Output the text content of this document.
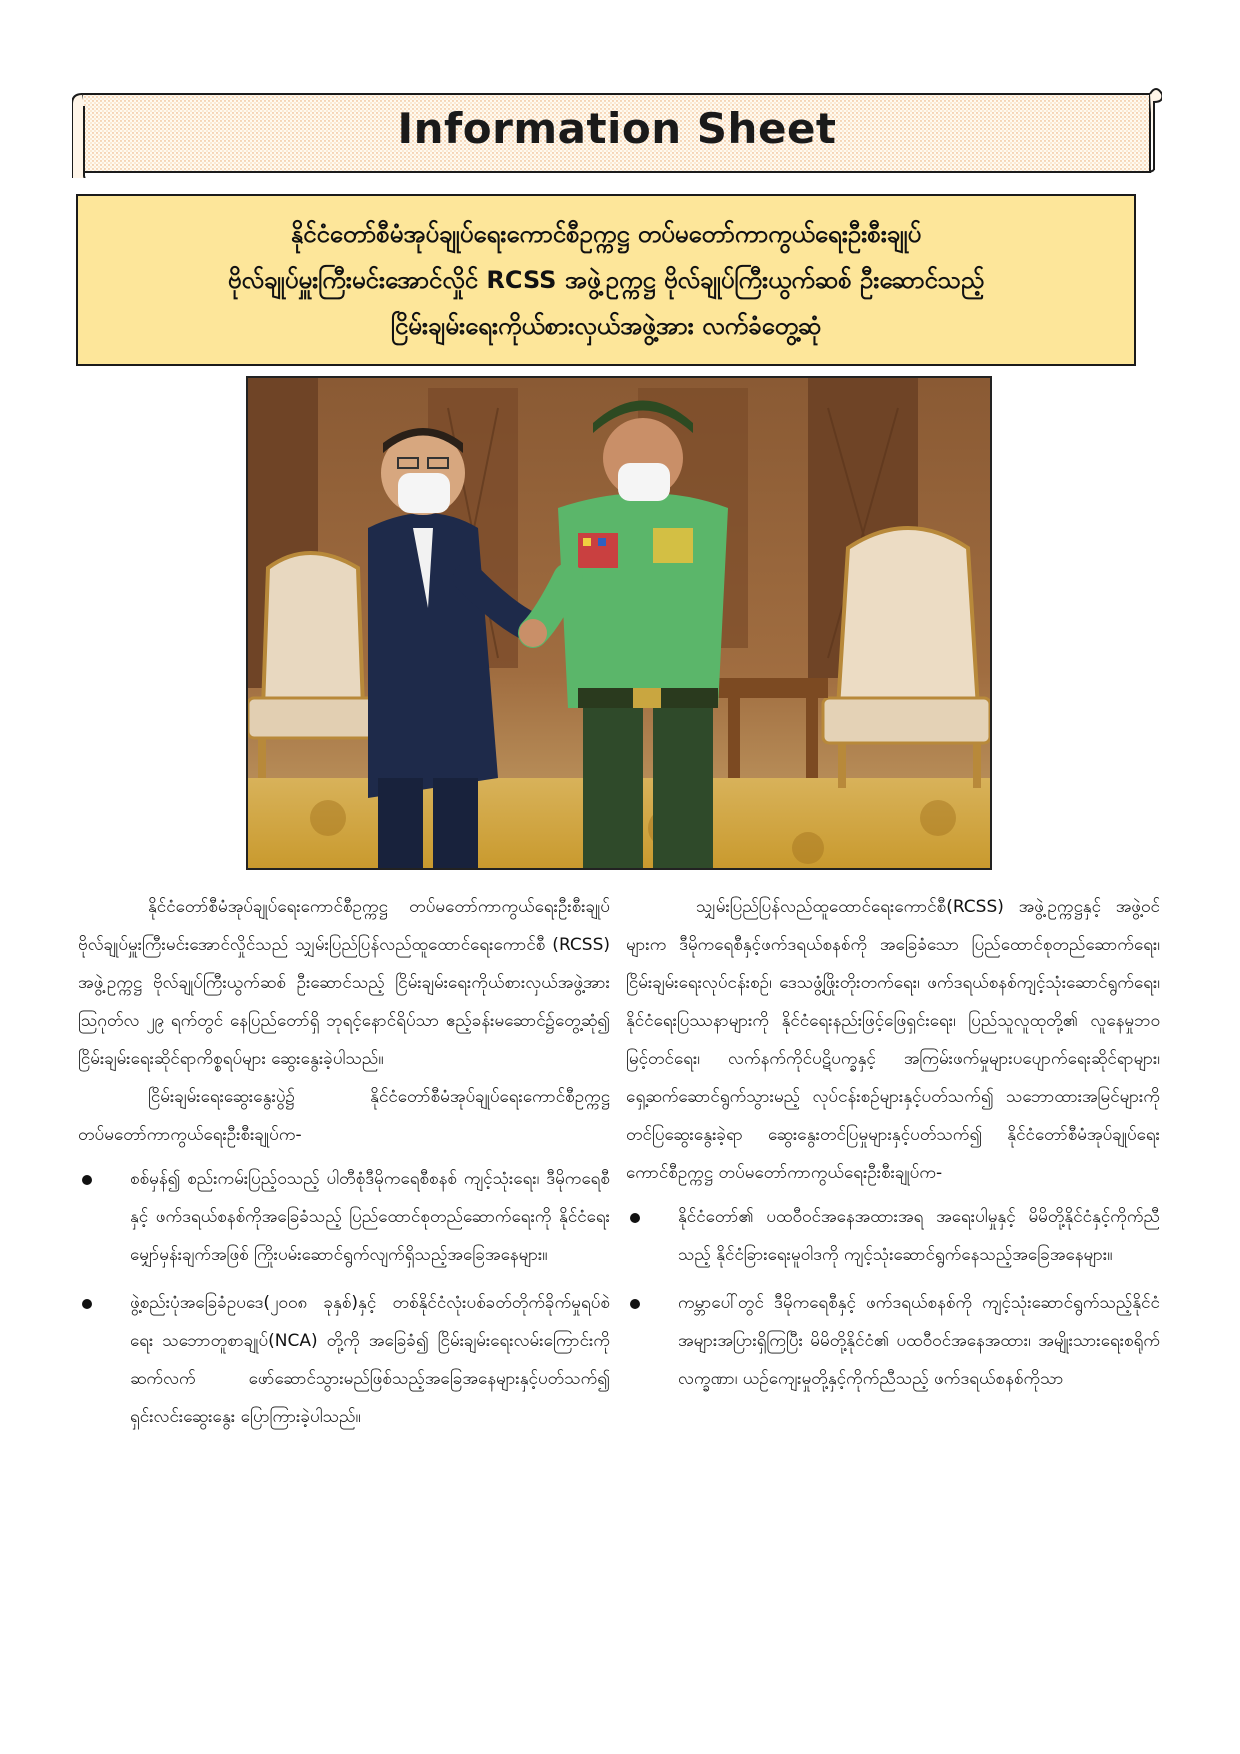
Information Sheet
နိုင်ငံတော်စီမံအုပ်ချုပ်ရေးကောင်စီဥက္ကဋ္ဌ တပ်မတော်ကာကွယ်ရေးဦးစီးချုပ်
ဗိုလ်ချုပ်မှူးကြီးမင်းအောင်လှိုင် RCSS အဖွဲ့ဥက္ကဋ္ဌ ဗိုလ်ချုပ်ကြီးယွက်ဆစ် ဦးဆောင်သည့်
ငြိမ်းချမ်းရေးကိုယ်စားလှယ်အဖွဲ့အား လက်ခံတွေ့ဆုံ

နိုင်ငံတော်စီမံအုပ်ချုပ်ရေးကောင်စီဥက္ကဋ္ဌ တပ်မတော်ကာကွယ်ရေးဦးစီးချုပ် ဗိုလ်ချုပ်မှူးကြီးမင်းအောင်လှိုင်သည် သျှမ်းပြည်ပြန်လည်ထူထောင်ရေးကောင်စီ (RCSS) အဖွဲ့ဥက္ကဋ္ဌ ဗိုလ်ချုပ်ကြီးယွက်ဆစ် ဦးဆောင်သည့် ငြိမ်းချမ်းရေးကိုယ်စားလှယ်အဖွဲ့အား ဩဂုတ်လ ၂၉ ရက်တွင် နေပြည်တော်ရှိ ဘုရင့်နောင်ရိပ်သာ ဧည့်ခန်းမဆောင်၌တွေ့ဆုံ၍ ငြိမ်းချမ်းရေးဆိုင်ရာကိစ္စရပ်များ ဆွေးနွေးခဲ့ပါသည်။

ငြိမ်းချမ်းရေးဆွေးနွေးပွဲ၌ နိုင်ငံတော်စီမံအုပ်ချုပ်ရေးကောင်စီဥက္ကဋ္ဌ တပ်မတော်ကာကွယ်ရေးဦးစီးချုပ်က-

စစ်မှန်၍ စည်းကမ်းပြည့်ဝသည့် ပါတီစုံဒီမိုကရေစီစနစ် ကျင့်သုံးရေး၊ ဒီမိုကရေစီနှင့် ဖက်ဒရယ်စနစ်ကိုအခြေခံသည့် ပြည်ထောင်စုတည်ဆောက်ရေးကို နိုင်ငံရေးမျှော်မှန်းချက်အဖြစ် ကြိုးပမ်းဆောင်ရွက်လျက်ရှိသည့်အခြေအနေများ။
ဖွဲ့စည်းပုံအခြေခံဥပဒေ(၂၀၀၈ ခုနှစ်)နှင့် တစ်နိုင်ငံလုံးပစ်ခတ်တိုက်ခိုက်မှုရပ်စဲရေး သဘောတူစာချုပ်(NCA) တို့ကို အခြေခံ၍ ငြိမ်းချမ်းရေးလမ်းကြောင်းကို ဆက်လက် ဖော်ဆောင်သွားမည်ဖြစ်သည့်အခြေအနေများနှင့်ပတ်သက်၍ ရှင်းလင်းဆွေးနွေး ပြောကြားခဲ့ပါသည်။

သျှမ်းပြည်ပြန်လည်ထူထောင်ရေးကောင်စီ(RCSS) အဖွဲ့ဥက္ကဋ္ဌနှင့် အဖွဲ့ဝင်များက ဒီမိုကရေစီနှင့်ဖက်ဒရယ်စနစ်ကို အခြေခံသော ပြည်ထောင်စုတည်ဆောက်ရေး၊ ငြိမ်းချမ်းရေးလုပ်ငန်းစဉ်၊ ဒေသဖွံ့ဖြိုးတိုးတက်ရေး၊ ဖက်ဒရယ်စနစ်ကျင့်သုံးဆောင်ရွက်ရေး၊ နိုင်ငံရေးပြဿနာများကို နိုင်ငံရေးနည်းဖြင့်ဖြေရှင်းရေး၊ ပြည်သူလူထုတို့၏ လူနေမှုဘဝမြင့်တင်ရေး၊ လက်နက်ကိုင်ပဋိပက္ခနှင့် အကြမ်းဖက်မှုများပပျောက်ရေးဆိုင်ရာများ၊ ရှေ့ဆက်ဆောင်ရွက်သွားမည့် လုပ်ငန်းစဉ်များနှင့်ပတ်သက်၍ သဘောထားအမြင်များကို တင်ပြဆွေးနွေးခဲ့ရာ ဆွေးနွေးတင်ပြမှုများနှင့်ပတ်သက်၍ နိုင်ငံတော်စီမံအုပ်ချုပ်ရေးကောင်စီဥက္ကဋ္ဌ တပ်မတော်ကာကွယ်ရေးဦးစီးချုပ်က-

နိုင်ငံတော်၏ ပထဝီဝင်အနေအထားအရ အရေးပါမှုနှင့် မိမိတို့နိုင်ငံနှင့်ကိုက်ညီသည့် နိုင်ငံခြားရေးမူဝါဒကို ကျင့်သုံးဆောင်ရွက်နေသည့်အခြေအနေများ။
ကမ္ဘာပေါ်တွင် ဒီမိုကရေစီနှင့် ဖက်ဒရယ်စနစ်ကို ကျင့်သုံးဆောင်ရွက်သည့်နိုင်ငံ အများအပြားရှိကြပြီး မိမိတို့နိုင်ငံ၏ ပထဝီဝင်အနေအထား၊ အမျိုးသားရေးစရိုက်လက္ခဏာ၊ ယဉ်ကျေးမှုတို့နှင့်ကိုက်ညီသည့် ဖက်ဒရယ်စနစ်ကိုသာ
